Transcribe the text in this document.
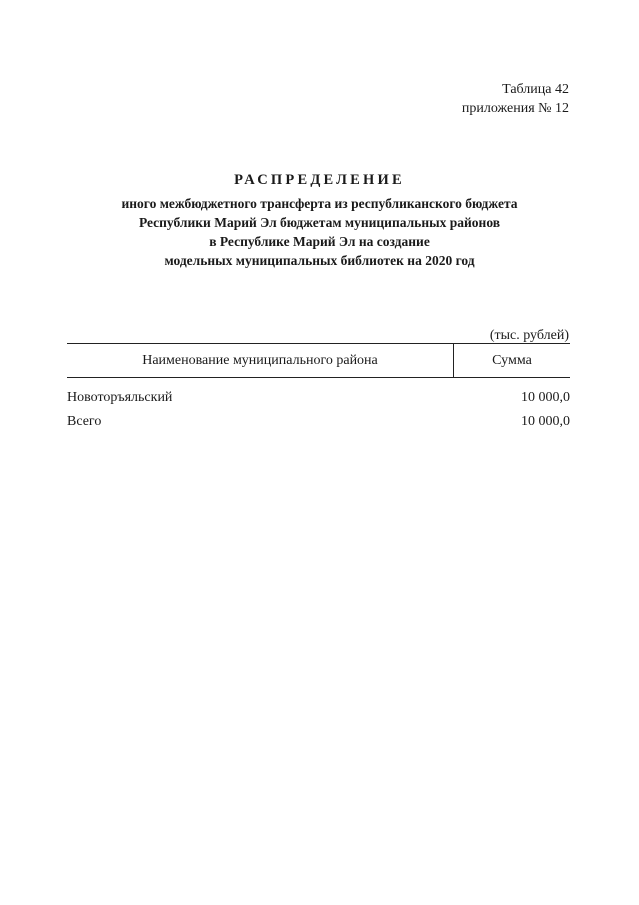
Таблица 42
приложения № 12
РАСПРЕДЕЛЕНИЕ
иного межбюджетного трансферта из республиканского бюджета
Республики Марий Эл бюджетам муниципальных районов
в Республике Марий Эл на создание
модельных муниципальных библиотек на 2020 год
(тыс. рублей)
Наименование муниципального района	Сумма
Новоторъяльский	10 000,0
Всего	10 000,0
